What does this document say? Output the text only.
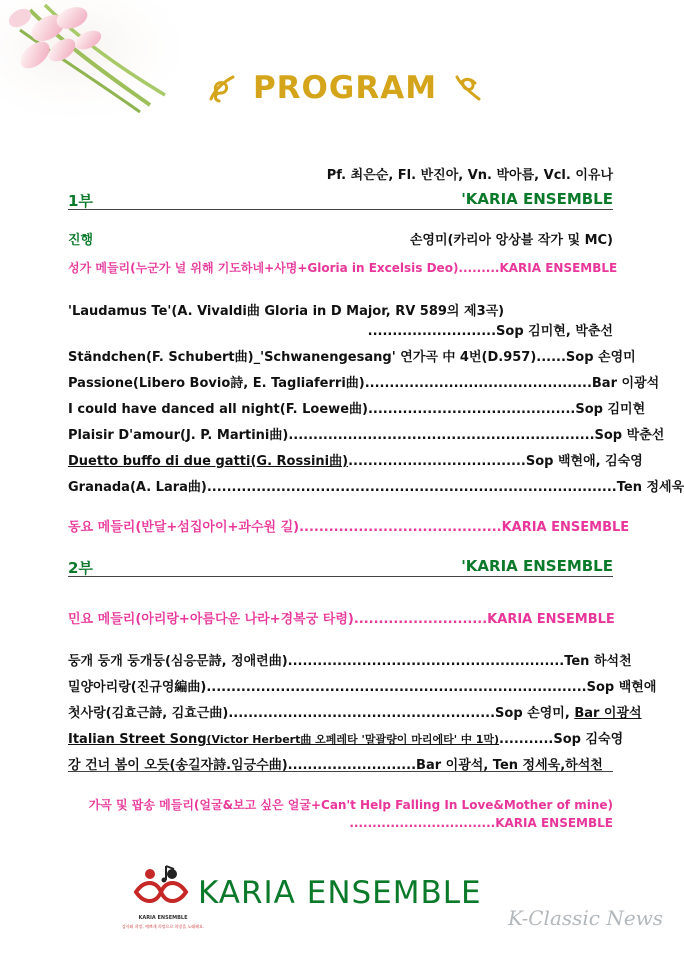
PROGRAM
Pf. 최은순, Fl. 반진아, Vn. 박아름, Vcl. 이유나
1부	'KARIA ENSEMBLE
진행	손영미(카리아 앙상블 작가 및 MC)
성가 메들리(누군가 널 위해 기도하네+사명+Gloria in Excelsis Deo).........KARIA ENSEMBLE
'Laudamus Te'(A. Vivaldi曲 Gloria in D Major, RV 589의 제3곡)
..........................Sop 김미현, 박춘선
Ständchen(F. Schubert曲)_'Schwanengesang' 연가곡 中 4번(D.957)......Sop 손영미
Passione(Libero Bovio詩, E. Tagliaferri曲)..............................................Bar 이광석
I could have danced all night(F. Loewe曲)..........................................Sop 김미현
Plaisir D'amour(J. P. Martini曲)..............................................................Sop 박춘선
Duetto buffo di due gatti(G. Rossini曲)....................................Sop 백현애, 김숙영
Granada(A. Lara曲)...................................................................................Ten 정세욱
동요 메들리(반달+섬집아이+과수원 길).........................................KARIA ENSEMBLE
2부	'KARIA ENSEMBLE
민요 메들리(아리랑+아름다운 나라+경복궁 타령)...........................KARIA ENSEMBLE
둥개 둥개 둥개둥(심응문詩, 정애련曲)........................................................Ten 하석천
밀양아리랑(진규영編曲).............................................................................Sop 백현애
첫사랑(김효근詩, 김효근曲)......................................................Sop 손영미, Bar 이광석
Italian Street Song(Victor Herbert曲 오페레타 '말괄량이 마리에타' 中 1막)...........Sop 김숙영
강 건너 봄이 오듯(송길자詩.임긍수曲)..........................Bar 이광석, Ten 정세욱,하석천
가곡 및 팝송 메들리(얼굴&보고 싶은 얼굴+Can't Help Falling In Love&Mother of mine)
................................KARIA ENSEMBLE
KARIA ENSEMBLE
감사와 희망, 예쁘게 희망으로 희망을 노래해요.
KARIA ENSEMBLE
K-Classic News
